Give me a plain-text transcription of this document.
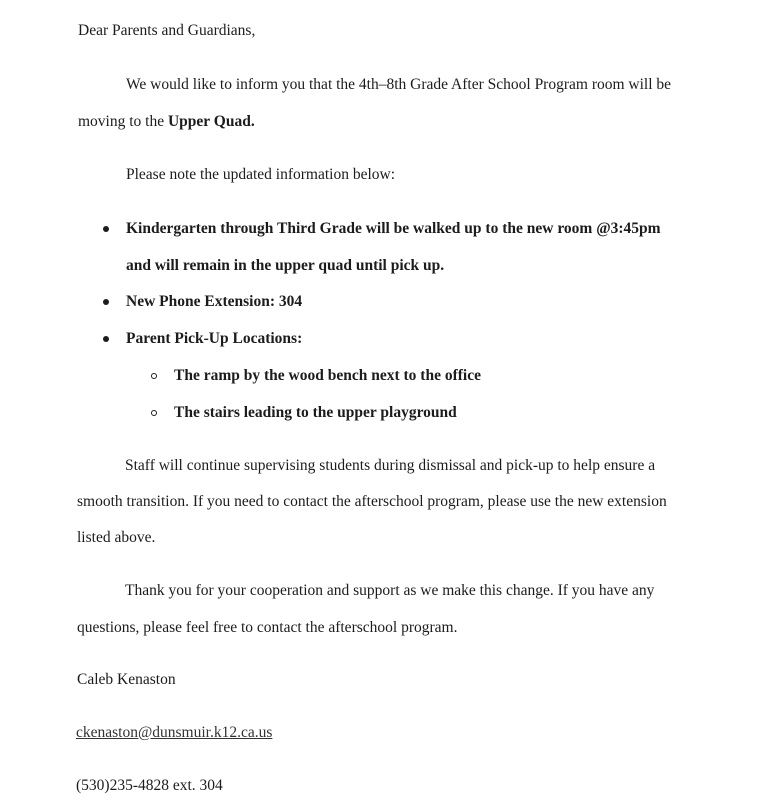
Dear Parents and Guardians,
We would like to inform you that the 4th–8th Grade After School Program room will be
moving to the Upper Quad.
Please note the updated information below:
Kindergarten through Third Grade will be walked up to the new room @3:45pm
and will remain in the upper quad until pick up.
New Phone Extension: 304
Parent Pick-Up Locations:
The ramp by the wood bench next to the office
The stairs leading to the upper playground
Staff will continue supervising students during dismissal and pick-up to help ensure a
smooth transition. If you need to contact the afterschool program, please use the new extension
listed above.
Thank you for your cooperation and support as we make this change. If you have any
questions, please feel free to contact the afterschool program.
Caleb Kenaston
ckenaston@dunsmuir.k12.ca.us
(530)235-4828 ext. 304
